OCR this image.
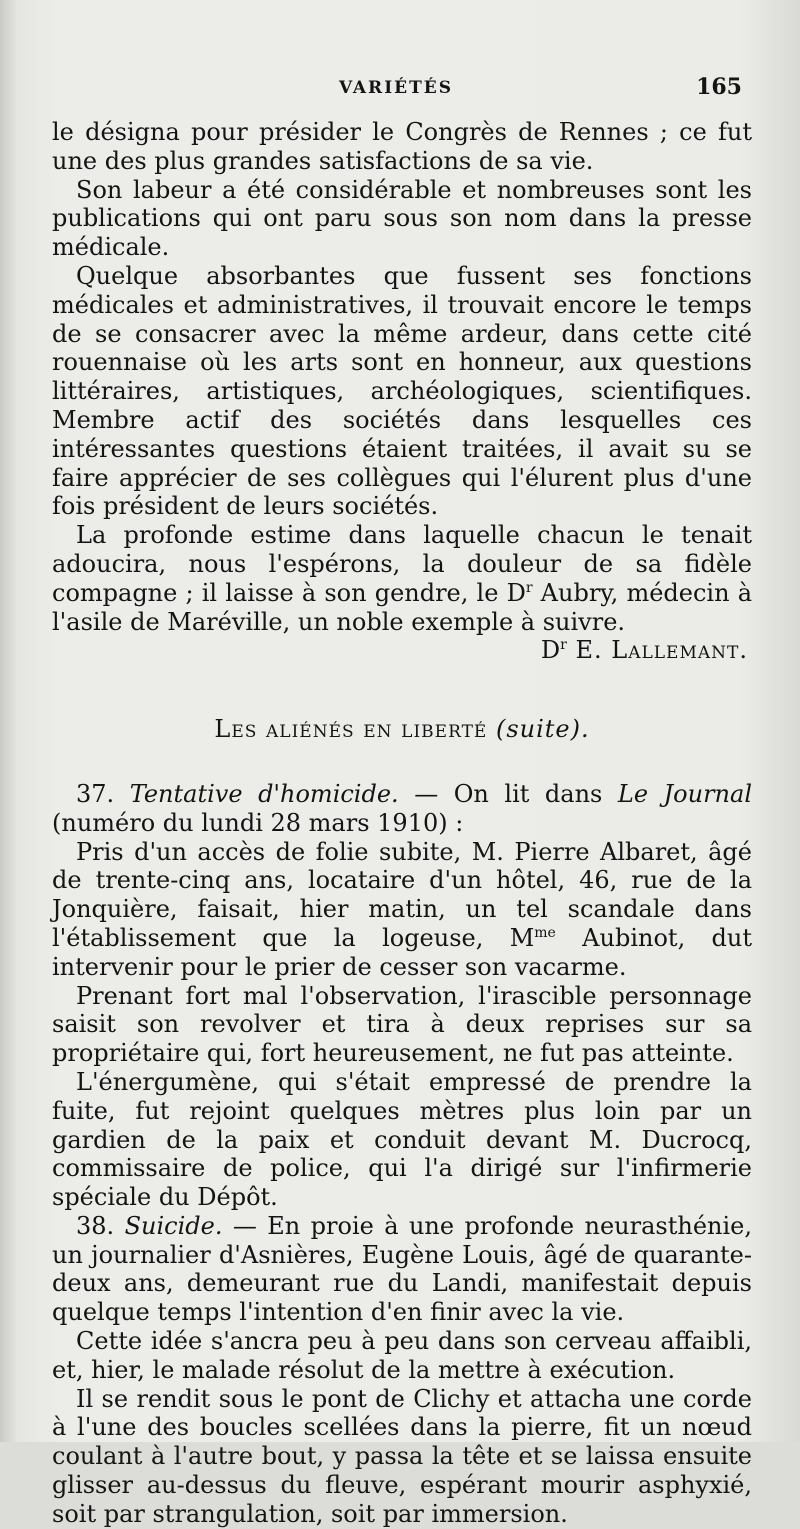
VARIÉTÉS	165

le désigna pour présider le Congrès de Rennes ; ce fut une des plus grandes satisfactions de sa vie.

Son labeur a été considérable et nombreuses sont les publications qui ont paru sous son nom dans la presse médicale.

Quelque absorbantes que fussent ses fonctions médicales et administratives, il trouvait encore le temps de se consacrer avec la même ardeur, dans cette cité rouennaise où les arts sont en honneur, aux questions littéraires, artistiques, archéologiques, scientifiques. Membre actif des sociétés dans lesquelles ces intéressantes questions étaient traitées, il avait su se faire apprécier de ses collègues qui l'élurent plus d'une fois président de leurs sociétés.

La profonde estime dans laquelle chacun le tenait adoucira, nous l'espérons, la douleur de sa fidèle compagne ; il laisse à son gendre, le $D^r$ Aubry, médecin à l'asile de Maréville, un noble exemple à suivre.

$D^r$ E. Lallemant.

Les aliénés en liberté (suite).

37. Tentative d'homicide. — On lit dans Le Journal (numéro du lundi 28 mars 1910) :

Pris d'un accès de folie subite, M. Pierre Albaret, âgé de trente-cinq ans, locataire d'un hôtel, 46, rue de la Jonquière, faisait, hier matin, un tel scandale dans l'établissement que la logeuse, $M^{me}$ Aubinot, dut intervenir pour le prier de cesser son vacarme.

Prenant fort mal l'observation, l'irascible personnage saisit son revolver et tira à deux reprises sur sa propriétaire qui, fort heureusement, ne fut pas atteinte.

L'énergumène, qui s'était empressé de prendre la fuite, fut rejoint quelques mètres plus loin par un gardien de la paix et conduit devant M. Ducrocq, commissaire de police, qui l'a dirigé sur l'infirmerie spéciale du Dépôt.

38. Suicide. — En proie à une profonde neurasthénie, un journalier d'Asnières, Eugène Louis, âgé de quarante-deux ans, demeurant rue du Landi, manifestait depuis quelque temps l'intention d'en finir avec la vie.

Cette idée s'ancra peu à peu dans son cerveau affaibli, et, hier, le malade résolut de la mettre à exécution.

Il se rendit sous le pont de Clichy et attacha une corde à l'une des boucles scellées dans la pierre, fit un nœud coulant à l'autre bout, y passa la tête et se laissa ensuite glisser au-dessus du fleuve, espérant mourir asphyxié, soit par strangulation, soit par immersion.
